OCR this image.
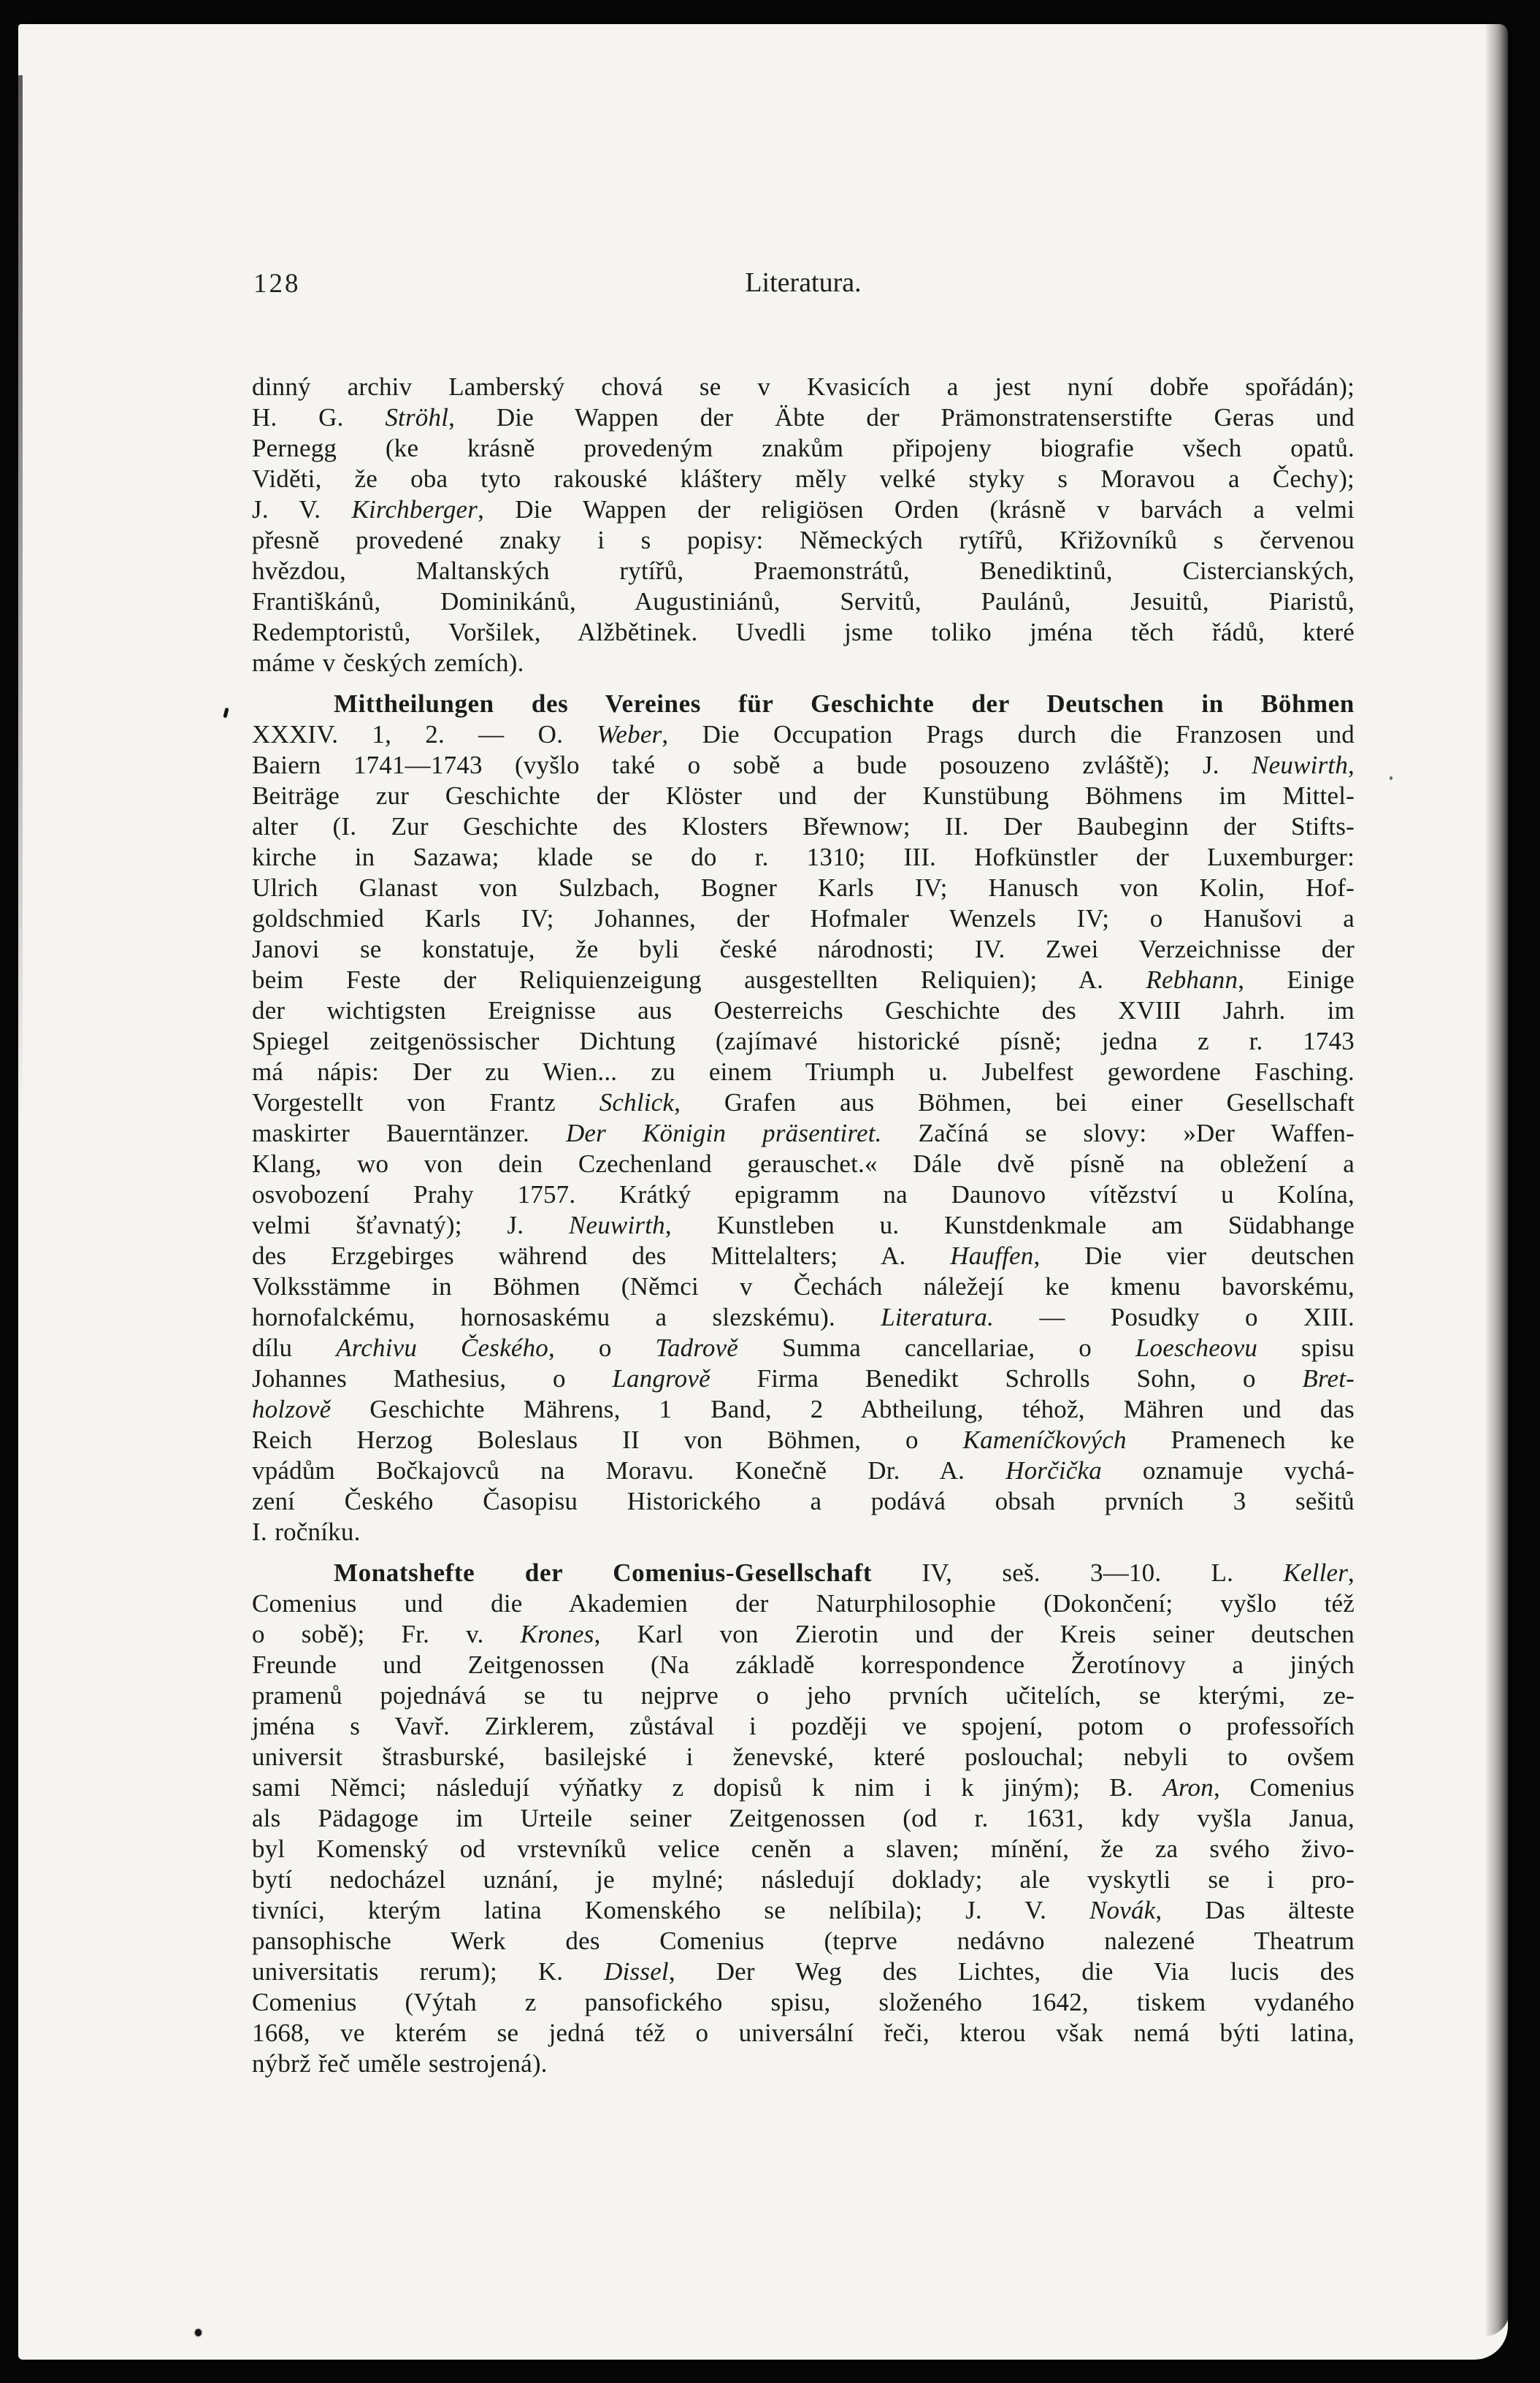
128	Literatura.
dinný archiv Lamberský chová se v Kvasicích a jest nyní dobře spořádán);
H. G. Ströhl, Die Wappen der Äbte der Prämonstratenserstifte Geras und
Pernegg (ke krásně provedeným znakům připojeny biografie všech opatů.
Viděti, že oba tyto rakouské kláštery měly velké styky s Moravou a Čechy);
J. V. Kirchberger, Die Wappen der religiösen Orden (krásně v barvách a velmi
přesně provedené znaky i s popisy: Německých rytířů, Křižovníků s červenou
hvězdou, Maltanských rytířů, Praemonstrátů, Benediktinů, Cistercianských,
Františkánů, Dominikánů, Augustiniánů, Servitů, Paulánů, Jesuitů, Piaristů,
Redemptoristů, Voršilek, Alžbětinek. Uvedli jsme toliko jména těch řádů, které
máme v českých zemích).
Mittheilungen des Vereines für Geschichte der Deutschen in Böhmen
XXXIV. 1, 2. — O. Weber, Die Occupation Prags durch die Franzosen und
Baiern 1741—1743 (vyšlo také o sobě a bude posouzeno zvláště); J. Neuwirth,
Beiträge zur Geschichte der Klöster und der Kunstübung Böhmens im Mittel-
alter (I. Zur Geschichte des Klosters Břewnow; II. Der Baubeginn der Stifts-
kirche in Sazawa; klade se do r. 1310; III. Hofkünstler der Luxemburger:
Ulrich Glanast von Sulzbach, Bogner Karls IV; Hanusch von Kolin, Hof-
goldschmied Karls IV; Johannes, der Hofmaler Wenzels IV; o Hanušovi a
Janovi se konstatuje, že byli české národnosti; IV. Zwei Verzeichnisse der
beim Feste der Reliquienzeigung ausgestellten Reliquien); A. Rebhann, Einige
der wichtigsten Ereignisse aus Oesterreichs Geschichte des XVIII Jahrh. im
Spiegel zeitgenössischer Dichtung (zajímavé historické písně; jedna z r. 1743
má nápis: Der zu Wien... zu einem Triumph u. Jubelfest gewordene Fasching.
Vorgestellt von Frantz Schlick, Grafen aus Böhmen, bei einer Gesellschaft
maskirter Bauerntänzer. Der Königin präsentiret. Začíná se slovy: »Der Waffen-
Klang, wo von dein Czechenland gerauschet.« Dále dvě písně na obležení a
osvobození Prahy 1757. Krátký epigramm na Daunovo vítězství u Kolína,
velmi šťavnatý); J. Neuwirth, Kunstleben u. Kunstdenkmale am Südabhange
des Erzgebirges während des Mittelalters; A. Hauffen, Die vier deutschen
Volksstämme in Böhmen (Němci v Čechách náležejí ke kmenu bavorskému,
hornofalckému, hornosaskému a slezskému). Literatura. — Posudky o XIII.
dílu Archivu Českého, o Tadrově Summa cancellariae, o Loescheovu spisu
Johannes Mathesius, o Langrově Firma Benedikt Schrolls Sohn, o Bret-
holzově Geschichte Mährens, 1 Band, 2 Abtheilung, téhož, Mähren und das
Reich Herzog Boleslaus II von Böhmen, o Kameníčkových Pramenech ke
vpádům Bočkajovců na Moravu. Konečně Dr. A. Horčička oznamuje vychá-
zení Českého Časopisu Historického a podává obsah prvních 3 sešitů
I. ročníku.
Monatshefte der Comenius-Gesellschaft IV, seš. 3—10. L. Keller,
Comenius und die Akademien der Naturphilosophie (Dokončení; vyšlo též
o sobě); Fr. v. Krones, Karl von Zierotin und der Kreis seiner deutschen
Freunde und Zeitgenossen (Na základě korrespondence Žerotínovy a jiných
pramenů pojednává se tu nejprve o jeho prvních učitelích, se kterými, ze-
jména s Vavř. Zirklerem, zůstával i později ve spojení, potom o professořích
universit štrasburské, basilejské i ženevské, které poslouchal; nebyli to ovšem
sami Němci; následují výňatky z dopisů k nim i k jiným); B. Aron, Comenius
als Pädagoge im Urteile seiner Zeitgenossen (od r. 1631, kdy vyšla Janua,
byl Komenský od vrstevníků velice ceněn a slaven; mínění, že za svého živo-
bytí nedocházel uznání, je mylné; následují doklady; ale vyskytli se i pro-
tivníci, kterým latina Komenského se nelíbila); J. V. Novák, Das älteste
pansophische Werk des Comenius (teprve nedávno nalezené Theatrum
universitatis rerum); K. Dissel, Der Weg des Lichtes, die Via lucis des
Comenius (Výtah z pansofického spisu, složeného 1642, tiskem vydaného
1668, ve kterém se jedná též o universální řeči, kterou však nemá býti latina,
nýbrž řeč uměle sestrojená).
